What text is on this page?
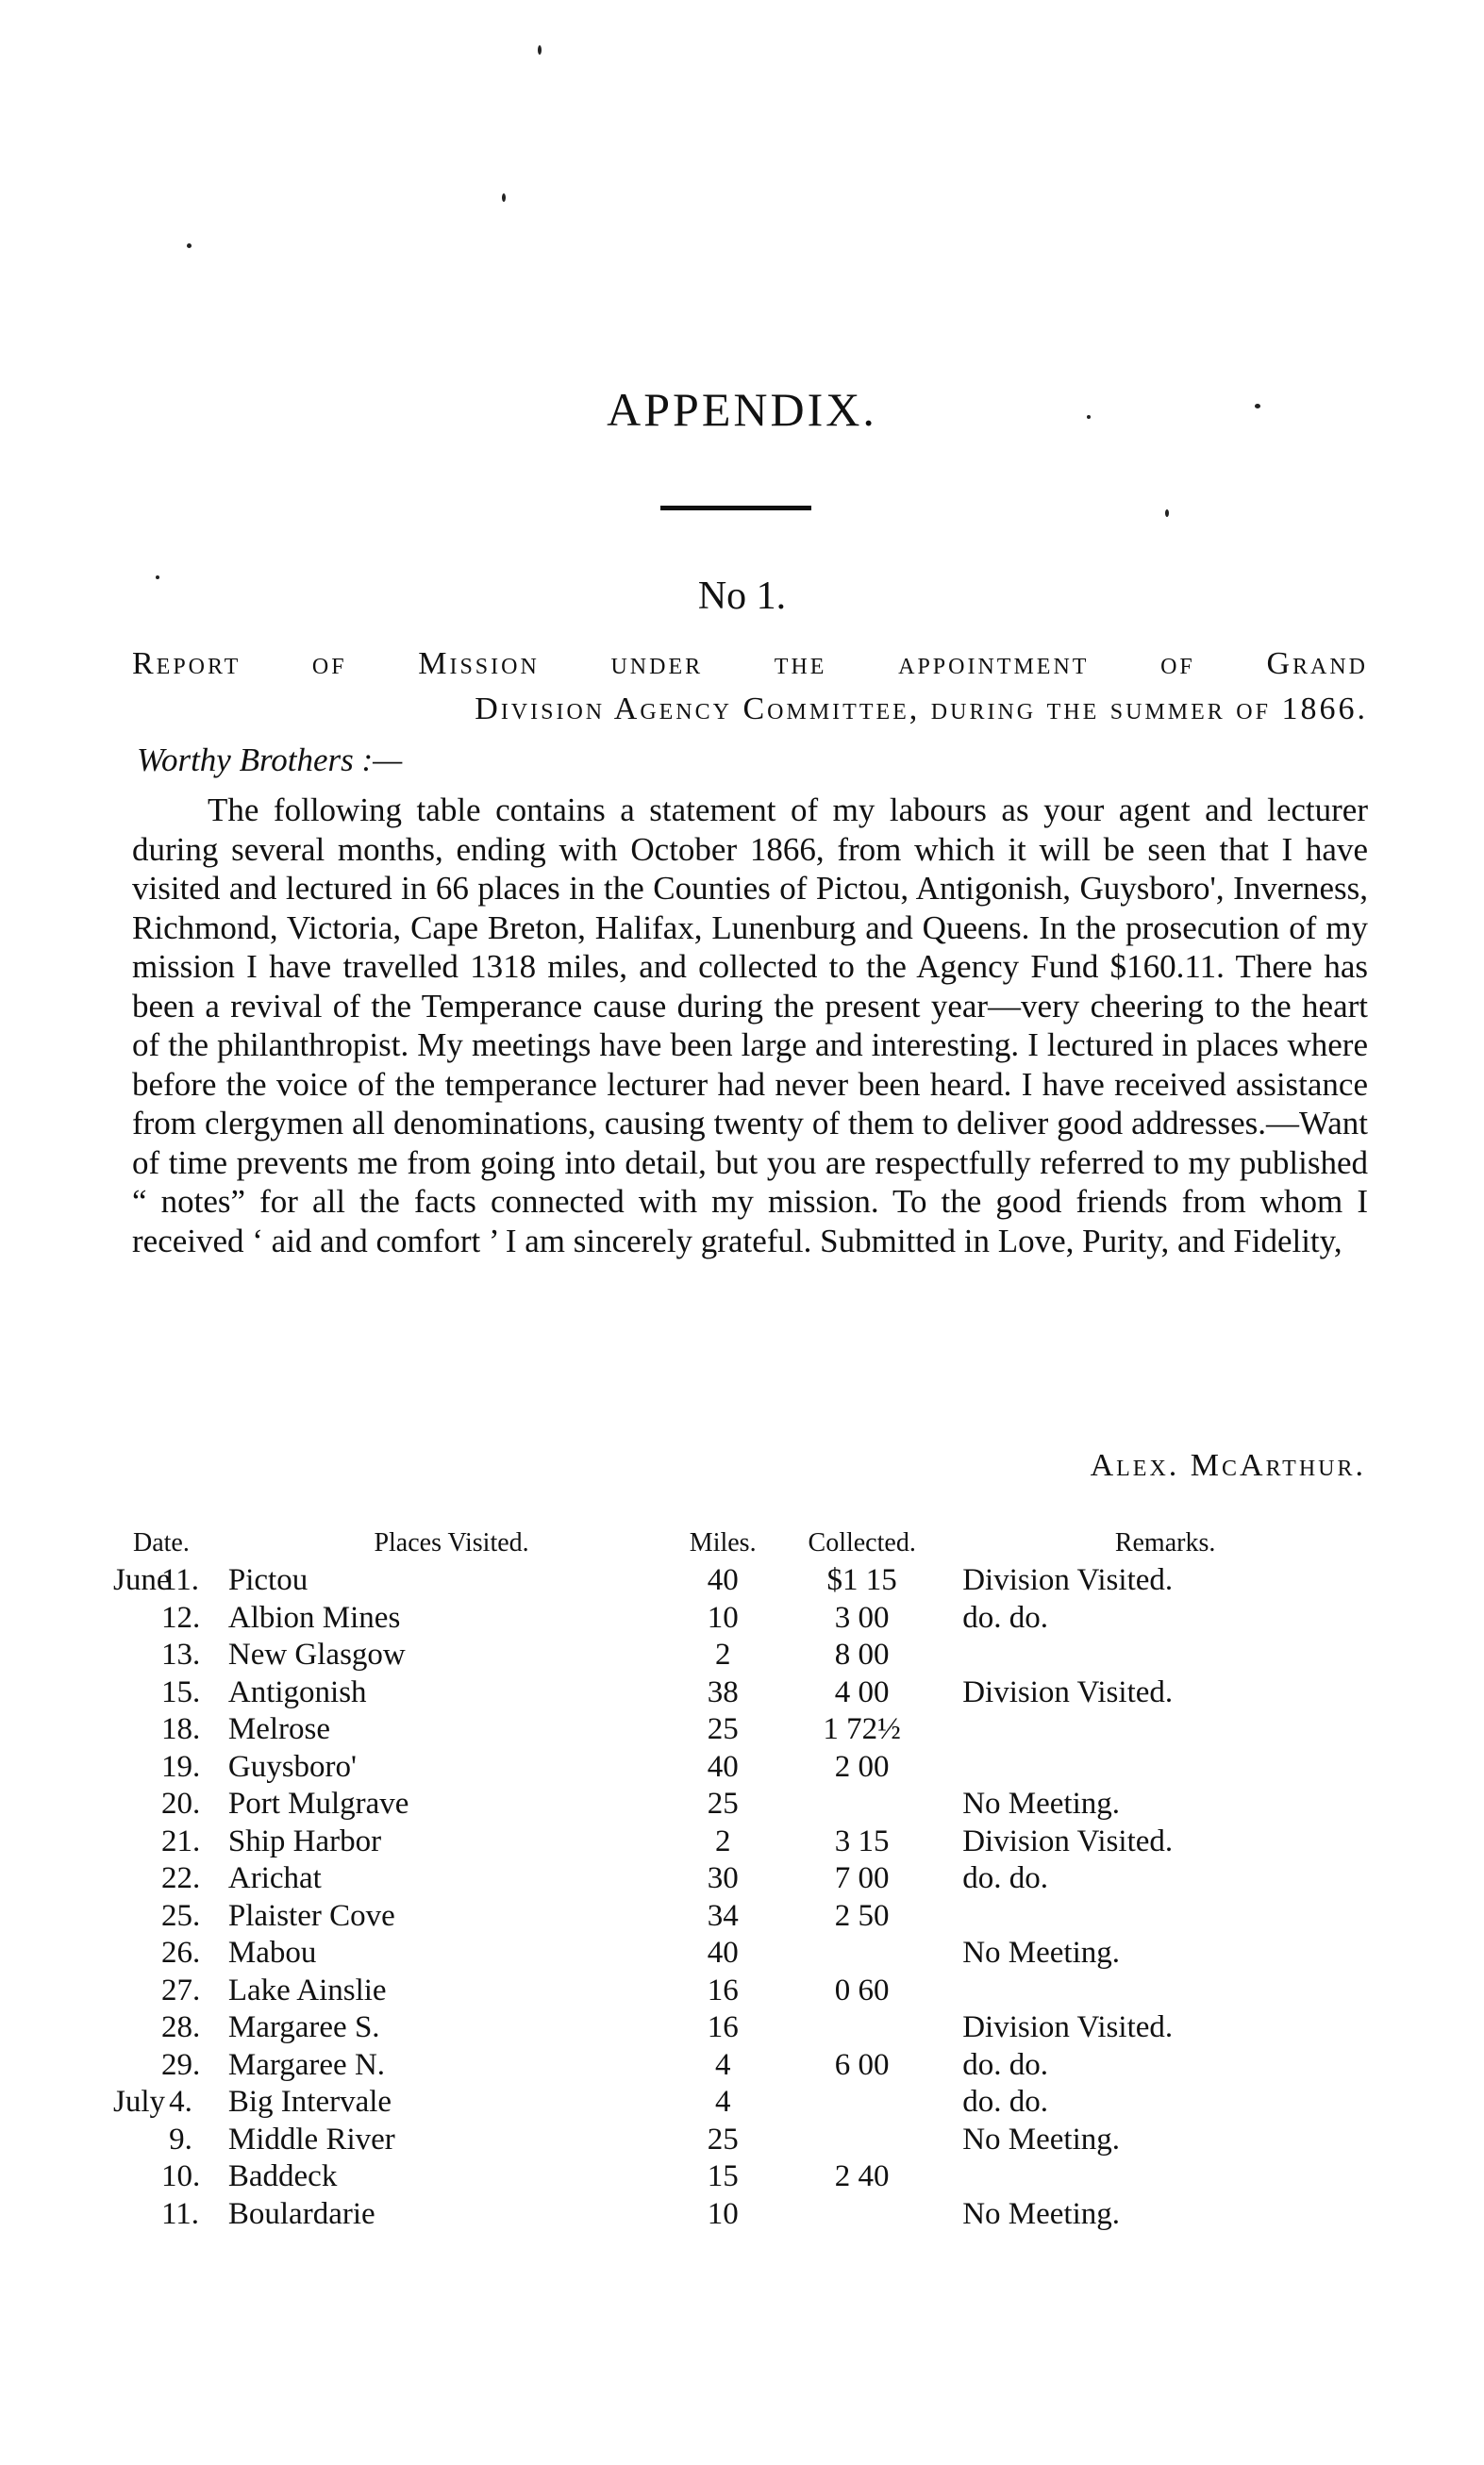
APPENDIX.
No 1.
Report of Mission under the appointment of Grand
Division Agency Committee, during the summer of 1866.
Worthy Brothers :—

The following table contains a statement of my labours as your agent and lecturer during several months, ending with October 1866, from which it will be seen that I have visited and lectured in 66 places in the Counties of Pictou, Antigonish, Guysboro', Inverness, Richmond, Victoria, Cape Breton, Halifax, Lunenburg and Queens. In the prosecution of my mission I have travelled 1318 miles, and collected to the Agency Fund $160.11. There has been a revival of the Temperance cause during the present year—very cheering to the heart of the philanthropist. My meetings have been large and interesting. I lectured in places where before the voice of the temperance lecturer had never been heard. I have received assistance from clergymen all denominations, causing twenty of them to deliver good addresses.—Want of time prevents me from going into detail, but you are respectfully referred to my published “ notes” for all the facts connected with my mission. To the good friends from whom I received ‘ aid and comfort ’ I am sincerely grateful. Submitted in Love, Purity, and Fidelity,

Alex. McArthur.
Date.		Places Visited.	Miles.	Collected.	Remarks.
June	11.	Pictou	40	$1 15	Division Visited.
	12.	Albion Mines	10	3 00	do. do.
	13.	New Glasgow	2	8 00	
	15.	Antigonish	38	4 00	Division Visited.
	18.	Melrose	25	1 72½	
	19.	Guysboro'	40	2 00	
	20.	Port Mulgrave	25		No Meeting.
	21.	Ship Harbor	2	3 15	Division Visited.
	22.	Arichat	30	7 00	do. do.
	25.	Plaister Cove	34	2 50	
	26.	Mabou	40		No Meeting.
	27.	Lake Ainslie	16	0 60	
	28.	Margaree S.	16		Division Visited.
	29.	Margaree N.	4	6 00	do. do.
July	4.	Big Intervale	4		do. do.
	9.	Middle River	25		No Meeting.
	10.	Baddeck	15	2 40	
	11.	Boulardarie	10		No Meeting.
